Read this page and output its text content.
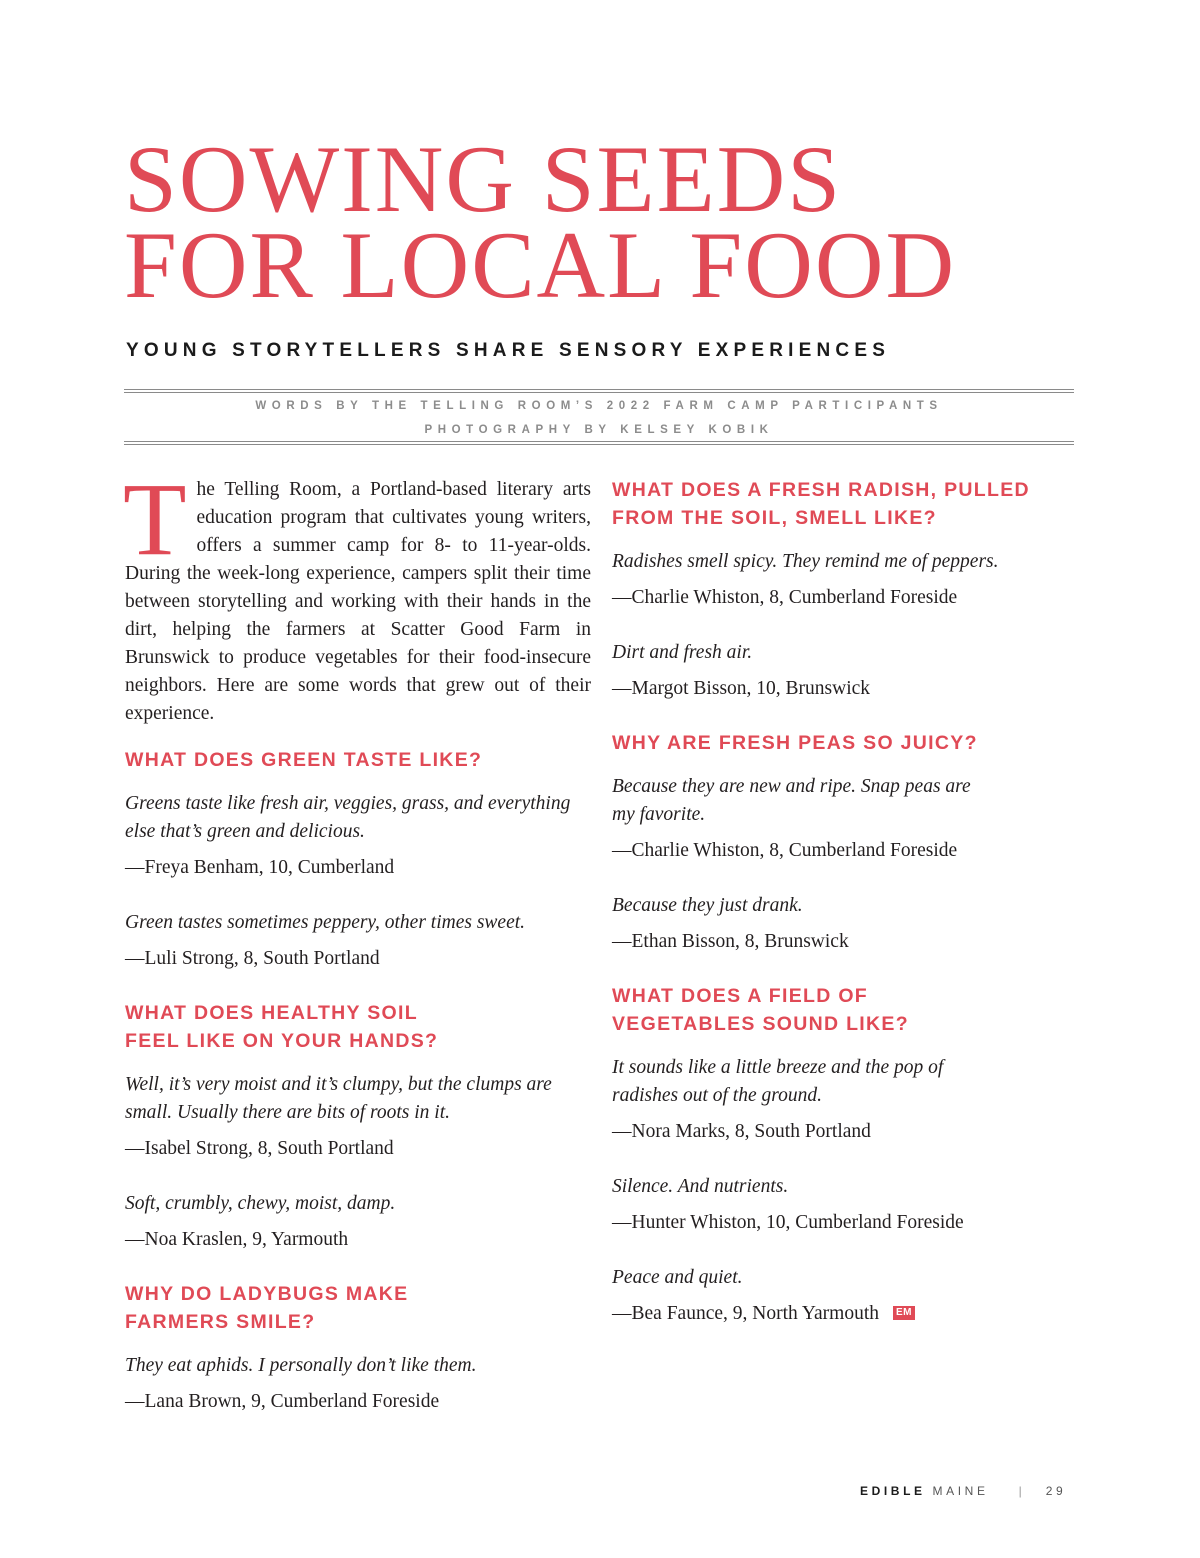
SOWING SEEDS
FOR LOCAL FOOD
YOUNG STORYTELLERS SHARE SENSORY EXPERIENCES
WORDS BY THE TELLING ROOM’S 2022 FARM CAMP PARTICIPANTS
PHOTOGRAPHY BY KELSEY KOBIK

The Telling Room, a Portland-based literary arts education program that cultivates young writers, offers a summer camp for 8- to 11-year-olds. During the week-long experience, campers split their time between storytelling and working with their hands in the dirt, helping the farmers at Scatter Good Farm in Brunswick to produce vegetables for their food-insecure neighbors. Here are some words that grew out of their experience.

WHAT DOES GREEN TASTE LIKE?
Greens taste like fresh air, veggies, grass, and everything
else that’s green and delicious.
—Freya Benham, 10, Cumberland
Green tastes sometimes peppery, other times sweet.
—Luli Strong, 8, South Portland
WHAT DOES HEALTHY SOIL
FEEL LIKE ON YOUR HANDS?
Well, it’s very moist and it’s clumpy, but the clumps are
small. Usually there are bits of roots in it.
—Isabel Strong, 8, South Portland
Soft, crumbly, chewy, moist, damp.
—Noa Kraslen, 9, Yarmouth
WHY DO LADYBUGS MAKE
FARMERS SMILE?
They eat aphids. I personally don’t like them.
—Lana Brown, 9, Cumberland Foreside
WHAT DOES A FRESH RADISH, PULLED
FROM THE SOIL, SMELL LIKE?
Radishes smell spicy. They remind me of peppers.
—Charlie Whiston, 8, Cumberland Foreside
Dirt and fresh air.
—Margot Bisson, 10, Brunswick
WHY ARE FRESH PEAS SO JUICY?
Because they are new and ripe. Snap peas are
my favorite.
—Charlie Whiston, 8, Cumberland Foreside
Because they just drank.
—Ethan Bisson, 8, Brunswick
WHAT DOES A FIELD OF
VEGETABLES SOUND LIKE?
It sounds like a little breeze and the pop of
radishes out of the ground.
—Nora Marks, 8, South Portland
Silence. And nutrients.
—Hunter Whiston, 10, Cumberland Foreside
Peace and quiet.
—Bea Faunce, 9, North Yarmouth EM
EDIBLE MAINE	| 29
